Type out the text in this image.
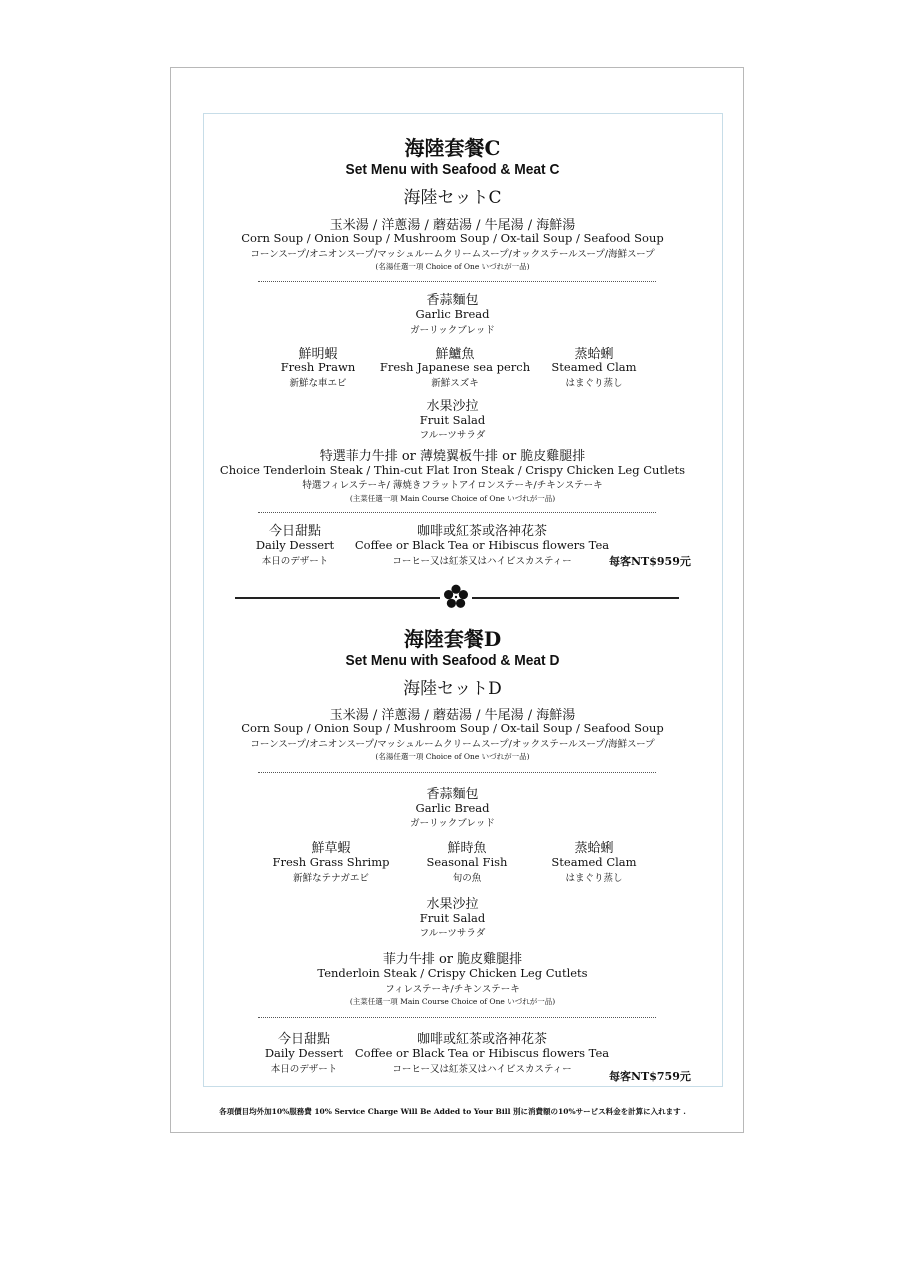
海陸套餐C
Set Menu with Seafood & Meat C
海陸セットC
玉米湯 / 洋蔥湯 / 蘑菇湯 / 牛尾湯 / 海鮮湯
Corn Soup / Onion Soup / Mushroom Soup / Ox-tail Soup / Seafood Soup
コーンスープ/オニオンスープ/マッシュルームクリームスープ/オックステールスープ/海鮮スープ
(名湯任選一項 Choice of One いづれが一品)
香蒜麵包
Garlic Bread
ガーリックブレッド
鮮明蝦
Fresh Prawn
新鮮な車エビ
鮮鱸魚
Fresh Japanese sea perch
新鮮スズキ
蒸蛤蜊
Steamed Clam
はまぐり蒸し
水果沙拉
Fruit Salad
フルーツサラダ
特選菲力牛排 or 薄燒翼板牛排 or 脆皮雞腿排
Choice Tenderloin Steak / Thin-cut Flat Iron Steak / Crispy Chicken Leg Cutlets
特選フィレステーキ/ 薄焼きフラットアイロンステーキ/チキンステーキ
(主菜任選一項 Main Course Choice of One いづれが一品)
今日甜點
Daily Dessert
本日のデザート
咖啡或紅茶或洛神花茶
Coffee or Black Tea or Hibiscus flowers Tea
コーヒー又は紅茶又はハイビスカスティー	每客NT$959元
海陸套餐D
Set Menu with Seafood & Meat D
海陸セットD
玉米湯 / 洋蔥湯 / 蘑菇湯 / 牛尾湯 / 海鮮湯
Corn Soup / Onion Soup / Mushroom Soup / Ox-tail Soup / Seafood Soup
コーンスープ/オニオンスープ/マッシュルームクリームスープ/オックステールスープ/海鮮スープ
(名湯任選一項 Choice of One いづれが一品)
香蒜麵包
Garlic Bread
ガーリックブレッド
鮮草蝦
Fresh Grass Shrimp
新鮮なテナガエビ
鮮時魚
Seasonal Fish
旬の魚
蒸蛤蜊
Steamed Clam
はまぐり蒸し
水果沙拉
Fruit Salad
フルーツサラダ
菲力牛排 or 脆皮雞腿排
Tenderloin Steak / Crispy Chicken Leg Cutlets
フィレステーキ/チキンステーキ
(主菜任選一項 Main Course Choice of One いづれが一品)
今日甜點
Daily Dessert
本日のデザート
咖啡或紅茶或洛神花茶
Coffee or Black Tea or Hibiscus flowers Tea
コーヒー又は紅茶又はハイビスカスティー
每客NT$759元
各項價目均外加10%服務費 10% Service Charge Will Be Added to Your Bill 別に消費額の10%サービス料金を計算に入れます .
